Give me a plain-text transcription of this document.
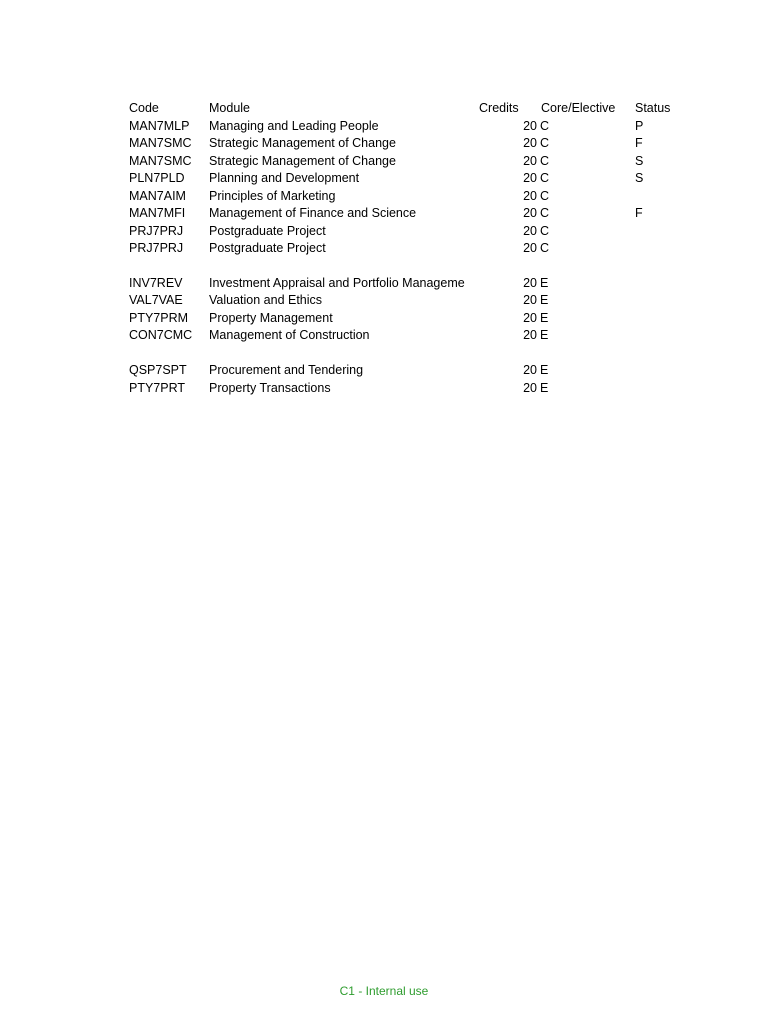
Code	Module	Credits	Core/Elective	Status
MAN7MLP	Managing and Leading People	20 C	P
MAN7SMC	Strategic Management of Change	20 C	F
MAN7SMC	Strategic Management of Change	20 C	S
PLN7PLD	Planning and Development	20 C	S
MAN7AIM	Principles of Marketing	20 C
MAN7MFI	Management of Finance and Science	20 C	F
PRJ7PRJ	Postgraduate Project	20 C
PRJ7PRJ	Postgraduate Project	20 C
INV7REV	Investment Appraisal and Portfolio Manageme	20 E
VAL7VAE	Valuation and Ethics	20 E
PTY7PRM	Property Management	20 E
CON7CMC	Management of Construction	20 E
QSP7SPT	Procurement and Tendering	20 E
PTY7PRT	Property Transactions	20 E
C1 - Internal use
